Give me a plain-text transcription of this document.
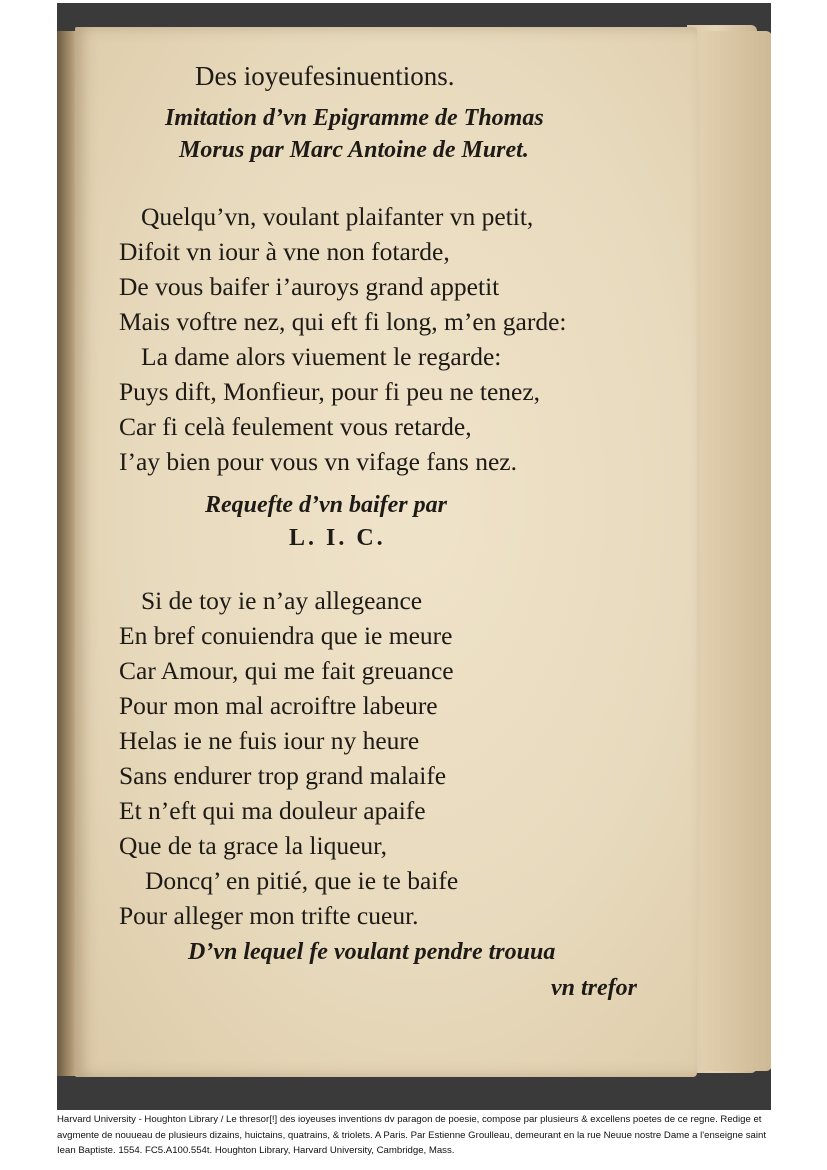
Des ioyeufesinuentions.
Imitation d’vn Epigramme de Thomas
Morus par Marc Antoine de Muret.
Quelqu’vn, voulant plaifanter vn petit,
Difoit vn iour à vne non fotarde,
De vous baifer i’auroys grand appetit
Mais voftre nez, qui eft fi long, m’en garde:
La dame alors viuement le regarde:
Puys dift, Monfieur, pour fi peu ne tenez,
Car fi celà feulement vous retarde,
I’ay bien pour vous vn vifage fans nez.
Requefte d’vn baifer par
L. I. C.
Si de toy ie n’ay allegeance
En bref conuiendra que ie meure
Car Amour, qui me fait greuance
Pour mon mal acroiftre labeure
Helas ie ne fuis iour ny heure
Sans endurer trop grand malaife
Et n’eft qui ma douleur apaife
Que de ta grace la liqueur,
Doncq’ en pitié, que ie te baife
Pour alleger mon trifte cueur.
D’vn lequel fe voulant pendre trouua
vn trefor
Harvard University - Houghton Library / Le thresor[!] des ioyeuses inventions dv paragon de poesie, compose par plusieurs & excellens poetes de ce regne. Redige et avgmente de nouueau de plusieurs dizains, huictains, quatrains, & triolets. A Paris. Par Estienne Groulleau, demeurant en la rue Neuue nostre Dame a l'enseigne saint Iean Baptiste. 1554. FC5.A100.554t. Houghton Library, Harvard University, Cambridge, Mass.
